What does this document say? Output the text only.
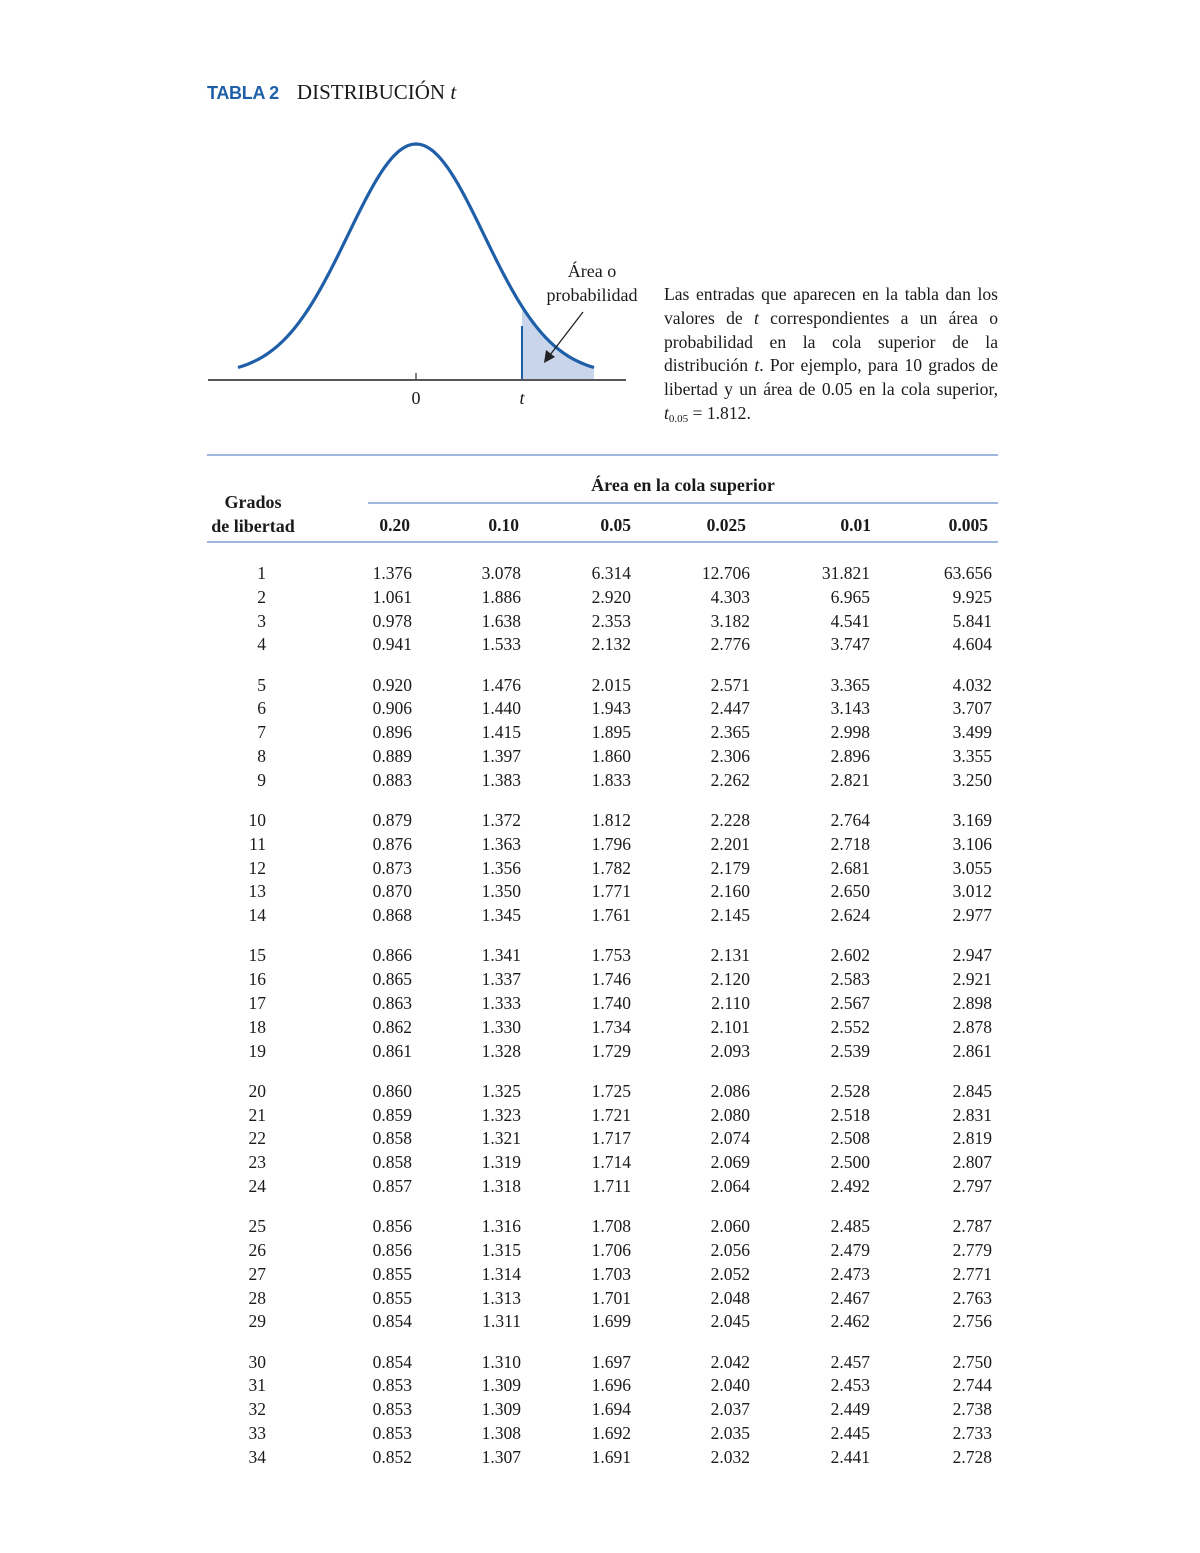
TABLA 2 DISTRIBUCIÓN t
Área o
probabilidad
0	t
Las entradas que aparecen en la tabla dan los valores de t correspondientes a un área o probabilidad en la cola superior de la distribución t. Por ejemplo, para 10 grados de libertad y un área de 0.05 en la cola superior, $t_{0.05} = 1.812$.
Grados
de libertad
Área en la cola superior
0.20	0.10	0.05	0.025	0.01	0.005
1	1.376	3.078	6.314	12.706	31.821	63.656
2	1.061	1.886	2.920	4.303	6.965	9.925
3	0.978	1.638	2.353	3.182	4.541	5.841
4	0.941	1.533	2.132	2.776	3.747	4.604
5	0.920	1.476	2.015	2.571	3.365	4.032
6	0.906	1.440	1.943	2.447	3.143	3.707
7	0.896	1.415	1.895	2.365	2.998	3.499
8	0.889	1.397	1.860	2.306	2.896	3.355
9	0.883	1.383	1.833	2.262	2.821	3.250
10	0.879	1.372	1.812	2.228	2.764	3.169
11	0.876	1.363	1.796	2.201	2.718	3.106
12	0.873	1.356	1.782	2.179	2.681	3.055
13	0.870	1.350	1.771	2.160	2.650	3.012
14	0.868	1.345	1.761	2.145	2.624	2.977
15	0.866	1.341	1.753	2.131	2.602	2.947
16	0.865	1.337	1.746	2.120	2.583	2.921
17	0.863	1.333	1.740	2.110	2.567	2.898
18	0.862	1.330	1.734	2.101	2.552	2.878
19	0.861	1.328	1.729	2.093	2.539	2.861
20	0.860	1.325	1.725	2.086	2.528	2.845
21	0.859	1.323	1.721	2.080	2.518	2.831
22	0.858	1.321	1.717	2.074	2.508	2.819
23	0.858	1.319	1.714	2.069	2.500	2.807
24	0.857	1.318	1.711	2.064	2.492	2.797
25	0.856	1.316	1.708	2.060	2.485	2.787
26	0.856	1.315	1.706	2.056	2.479	2.779
27	0.855	1.314	1.703	2.052	2.473	2.771
28	0.855	1.313	1.701	2.048	2.467	2.763
29	0.854	1.311	1.699	2.045	2.462	2.756
30	0.854	1.310	1.697	2.042	2.457	2.750
31	0.853	1.309	1.696	2.040	2.453	2.744
32	0.853	1.309	1.694	2.037	2.449	2.738
33	0.853	1.308	1.692	2.035	2.445	2.733
34	0.852	1.307	1.691	2.032	2.441	2.728
